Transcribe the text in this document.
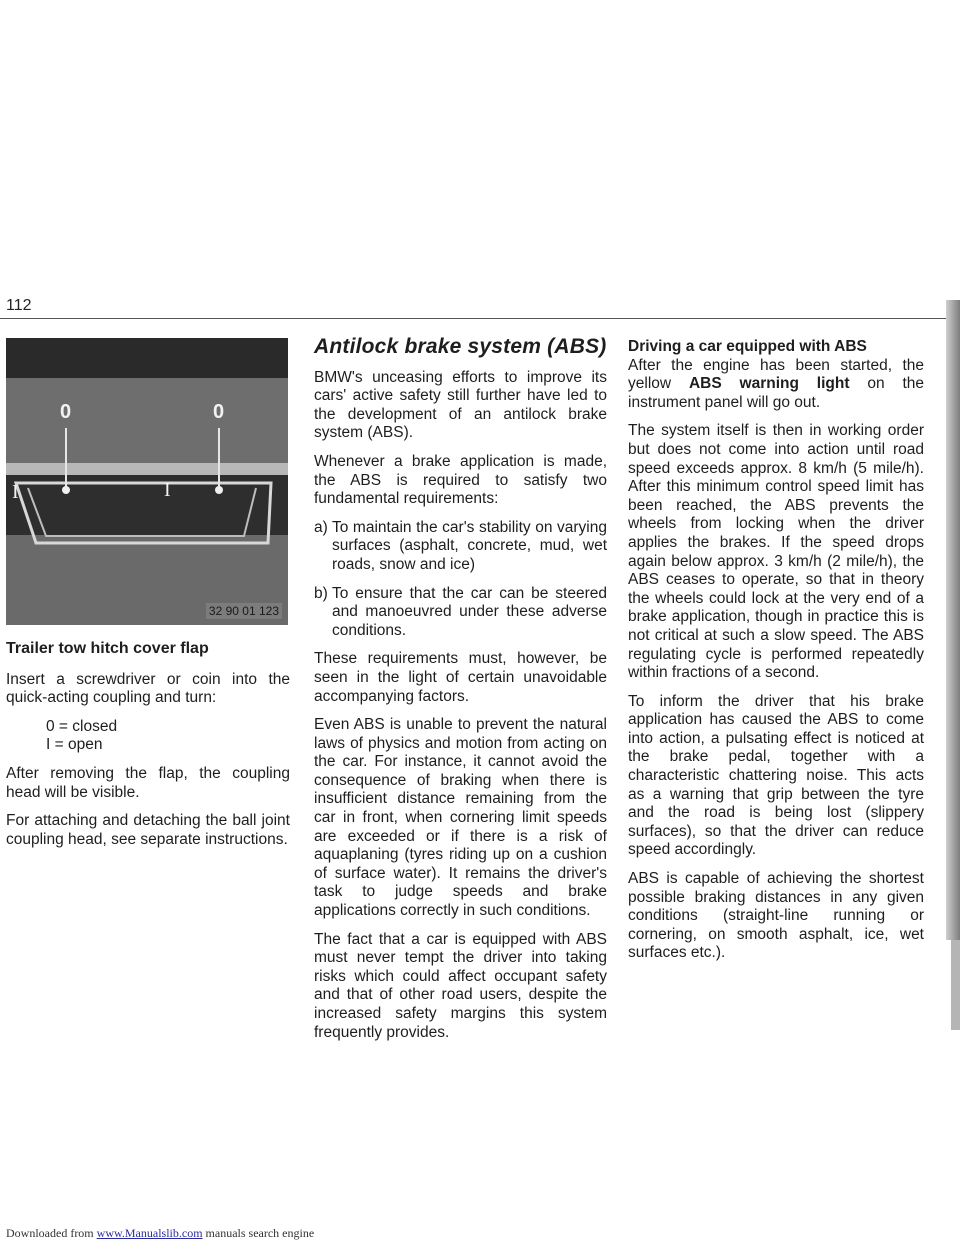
112
0	0
I	I
32 90 01 123
Trailer tow hitch cover flap

Insert a screwdriver or coin into the quick-acting coupling and turn:

0 = closed
I = open

After removing the flap, the coupling head will be visible.

For attaching and detaching the ball joint coupling head, see separate instructions.

Antilock brake system (ABS)

BMW's unceasing efforts to improve its cars' active safety still further have led to the development of an antilock brake system (ABS).

Whenever a brake application is made, the ABS is required to satisfy two fundamental requirements:

a) To maintain the car's stability on varying surfaces (asphalt, concrete, mud, wet roads, snow and ice)
b) To ensure that the car can be steered and manoeuvred under these adverse conditions.

These requirements must, however, be seen in the light of certain unavoidable accompanying factors.

Even ABS is unable to prevent the natural laws of physics and motion from acting on the car. For instance, it cannot avoid the consequence of braking when there is insufficient distance remaining from the car in front, when cornering limit speeds are exceeded or if there is a risk of aquaplaning (tyres riding up on a cushion of surface water). It remains the driver's task to judge speeds and brake applications correctly in such conditions.

The fact that a car is equipped with ABS must never tempt the driver into taking risks which could affect occupant safety and that of other road users, despite the increased safety margins this system frequently provides.

Driving a car equipped with ABS

After the engine has been started, the yellow ABS warning light on the instrument panel will go out.

The system itself is then in working order but does not come into action until road speed exceeds approx. 8 km/h (5 mile/h). After this minimum control speed limit has been reached, the ABS prevents the wheels from locking when the driver applies the brakes. If the speed drops again below approx. 3 km/h (2 mile/h), the ABS ceases to operate, so that in theory the wheels could lock at the very end of a brake application, though in practice this is not critical at such a slow speed. The ABS regulating cycle is performed repeatedly within fractions of a second.

To inform the driver that his brake application has caused the ABS to come into action, a pulsating effect is noticed at the brake pedal, together with a characteristic chattering noise. This acts as a warning that grip between the tyre and the road is being lost (slippery surfaces), so that the driver can reduce speed accordingly.

ABS is capable of achieving the shortest possible braking distances in any given conditions (straight-line running or cornering, on smooth asphalt, ice, wet surfaces etc.).

Downloaded from www.Manualslib.com manuals search engine
